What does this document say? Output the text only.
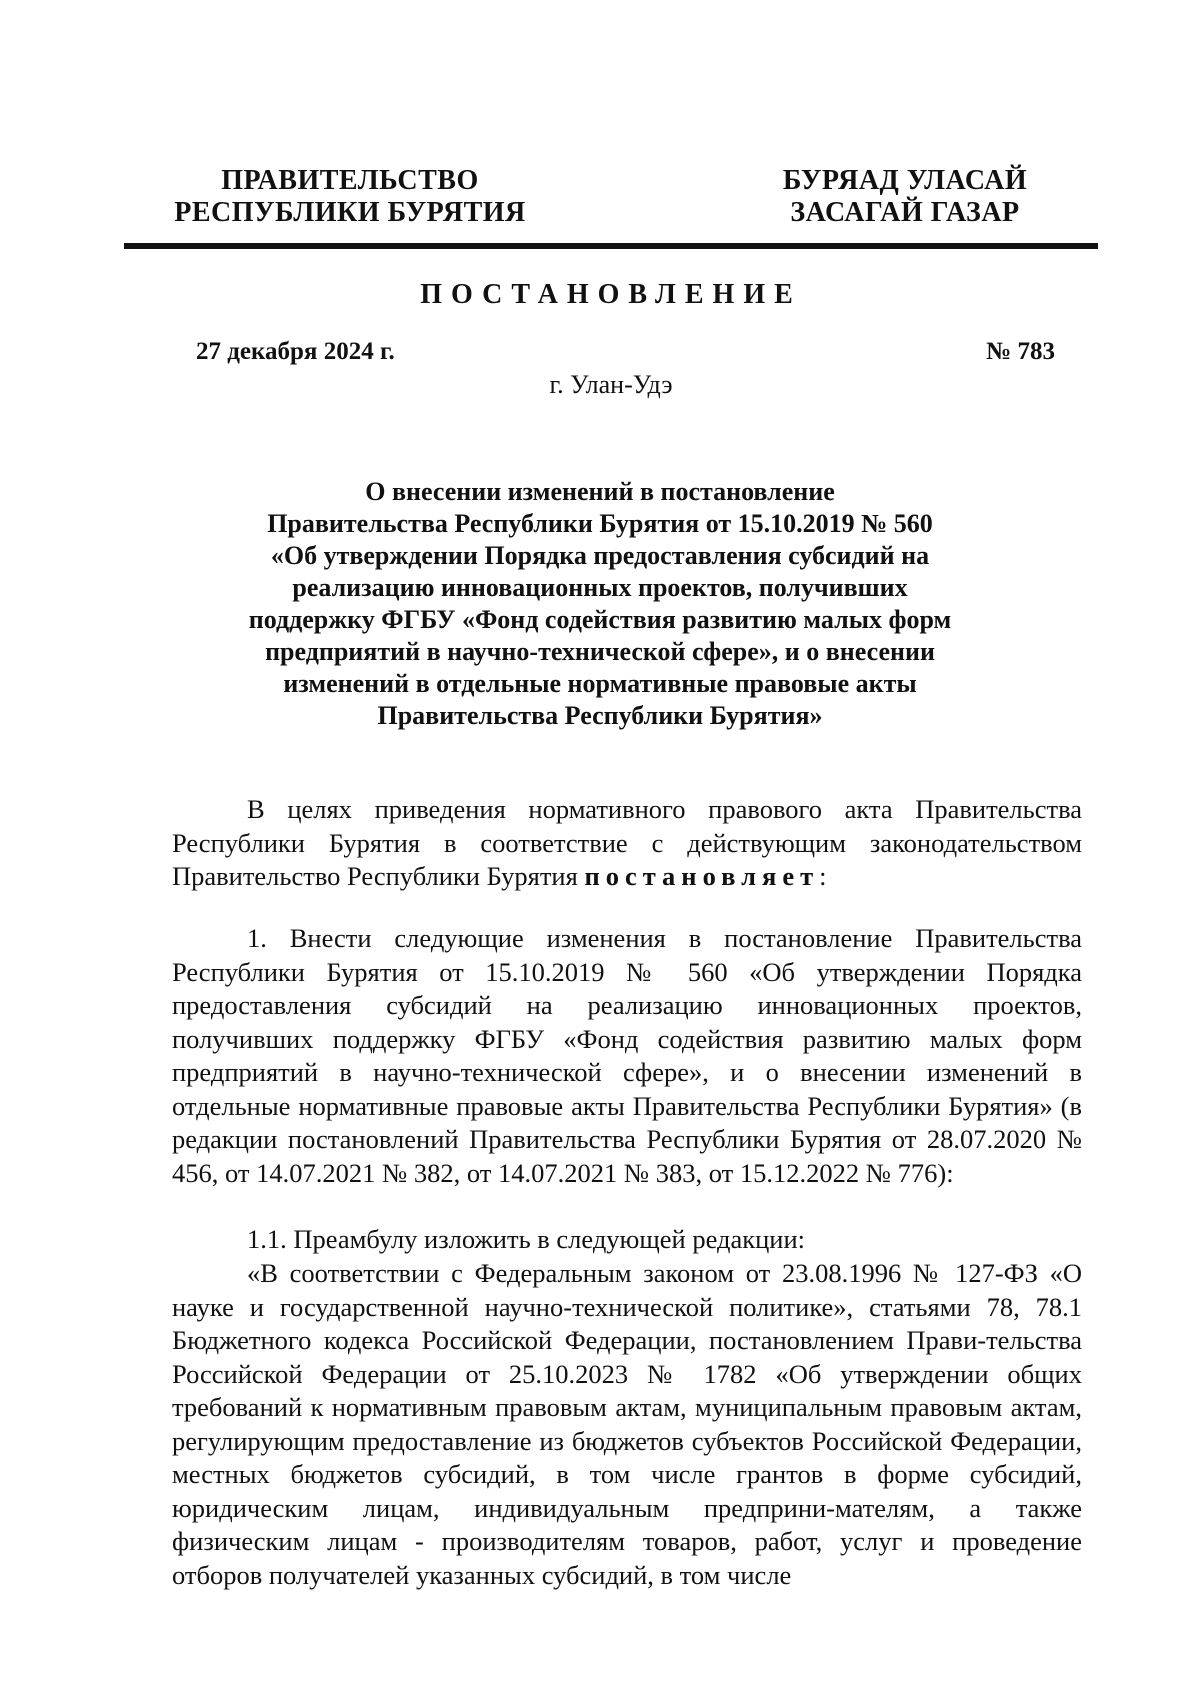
ПРАВИТЕЛЬСТВО
РЕСПУБЛИКИ БУРЯТИЯ
БУРЯАД УЛАСАЙ
ЗАСАГАЙ ГАЗАР
ПОСТАНОВЛЕНИЕ
27 декабря 2024 г.	№ 783
г. Улан-Удэ
О внесении изменений в постановление
Правительства Республики Бурятия от 15.10.2019 № 560
«Об утверждении Порядка предоставления субсидий на
реализацию инновационных проектов, получивших
поддержку ФГБУ «Фонд содействия развитию малых форм
предприятий в научно-технической сфере», и о внесении
изменений в отдельные нормативные правовые акты
Правительства Республики Бурятия»

В целях приведения нормативного правового акта Правительства Республики Бурятия в соответствие с действующим законодательством Правительство Республики Бурятия постановляет:

1. Внести следующие изменения в постановление Правительства Республики Бурятия от 15.10.2019 № 560 «Об утверждении Порядка предоставления субсидий на реализацию инновационных проектов, получивших поддержку ФГБУ «Фонд содействия развитию малых форм предприятий в научно-технической сфере», и о внесении изменений в отдельные нормативные правовые акты Правительства Республики Бурятия» (в редакции постановлений Правительства Республики Бурятия от 28.07.2020 № 456, от 14.07.2021 № 382, от 14.07.2021 № 383, от 15.12.2022 № 776):

1.1. Преамбулу изложить в следующей редакции:

«В соответствии с Федеральным законом от 23.08.1996 № 127-ФЗ «О науке и государственной научно-технической политике», статьями 78, 78.1 Бюджетного кодекса Российской Федерации, постановлением Прави-тельства Российской Федерации от 25.10.2023 № 1782 «Об утверждении общих требований к нормативным правовым актам, муниципальным правовым актам, регулирующим предоставление из бюджетов субъектов Российской Федерации, местных бюджетов субсидий, в том числе грантов в форме субсидий, юридическим лицам, индивидуальным предприни-мателям, а также физическим лицам - производителям товаров, работ, услуг и проведение отборов получателей указанных субсидий, в том числе
